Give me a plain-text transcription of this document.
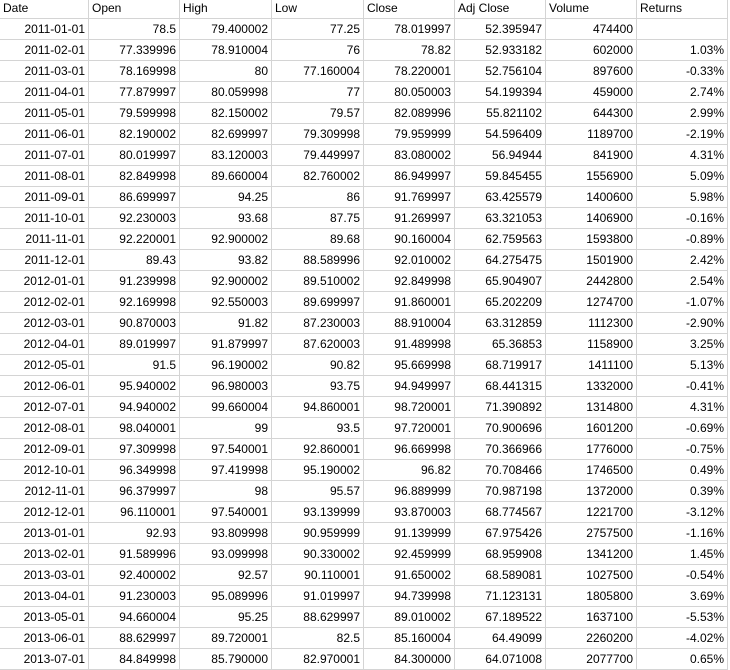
Date	Open	High	Low	Close	Adj Close	Volume	Returns
2011-01-01	78.5	79.400002	77.25	78.019997	52.395947	474400
2011-02-01	77.339996	78.910004	76	78.82	52.933182	602000	1.03%
2011-03-01	78.169998	80	77.160004	78.220001	52.756104	897600	-0.33%
2011-04-01	77.879997	80.059998	77	80.050003	54.199394	459000	2.74%
2011-05-01	79.599998	82.150002	79.57	82.089996	55.821102	644300	2.99%
2011-06-01	82.190002	82.699997	79.309998	79.959999	54.596409	1189700	-2.19%
2011-07-01	80.019997	83.120003	79.449997	83.080002	56.94944	841900	4.31%
2011-08-01	82.849998	89.660004	82.760002	86.949997	59.845455	1556900	5.09%
2011-09-01	86.699997	94.25	86	91.769997	63.425579	1400600	5.98%
2011-10-01	92.230003	93.68	87.75	91.269997	63.321053	1406900	-0.16%
2011-11-01	92.220001	92.900002	89.68	90.160004	62.759563	1593800	-0.89%
2011-12-01	89.43	93.82	88.589996	92.010002	64.275475	1501900	2.42%
2012-01-01	91.239998	92.900002	89.510002	92.849998	65.904907	2442800	2.54%
2012-02-01	92.169998	92.550003	89.699997	91.860001	65.202209	1274700	-1.07%
2012-03-01	90.870003	91.82	87.230003	88.910004	63.312859	1112300	-2.90%
2012-04-01	89.019997	91.879997	87.620003	91.489998	65.36853	1158900	3.25%
2012-05-01	91.5	96.190002	90.82	95.669998	68.719917	1411100	5.13%
2012-06-01	95.940002	96.980003	93.75	94.949997	68.441315	1332000	-0.41%
2012-07-01	94.940002	99.660004	94.860001	98.720001	71.390892	1314800	4.31%
2012-08-01	98.040001	99	93.5	97.720001	70.900696	1601200	-0.69%
2012-09-01	97.309998	97.540001	92.860001	96.669998	70.366966	1776000	-0.75%
2012-10-01	96.349998	97.419998	95.190002	96.82	70.708466	1746500	0.49%
2012-11-01	96.379997	98	95.57	96.889999	70.987198	1372000	0.39%
2012-12-01	96.110001	97.540001	93.139999	93.870003	68.774567	1221700	-3.12%
2013-01-01	92.93	93.809998	90.959999	91.139999	67.975426	2757500	-1.16%
2013-02-01	91.589996	93.099998	90.330002	92.459999	68.959908	1341200	1.45%
2013-03-01	92.400002	92.57	90.110001	91.650002	68.589081	1027500	-0.54%
2013-04-01	91.230003	95.089996	91.019997	94.739998	71.123131	1805800	3.69%
2013-05-01	94.660004	95.25	88.629997	89.010002	67.189522	1637100	-5.53%
2013-06-01	88.629997	89.720001	82.5	85.160004	64.49099	2260200	-4.02%
2013-07-01	84.849998	85.790000	82.970001	84.300000	64.071008	2077700	0.65%
